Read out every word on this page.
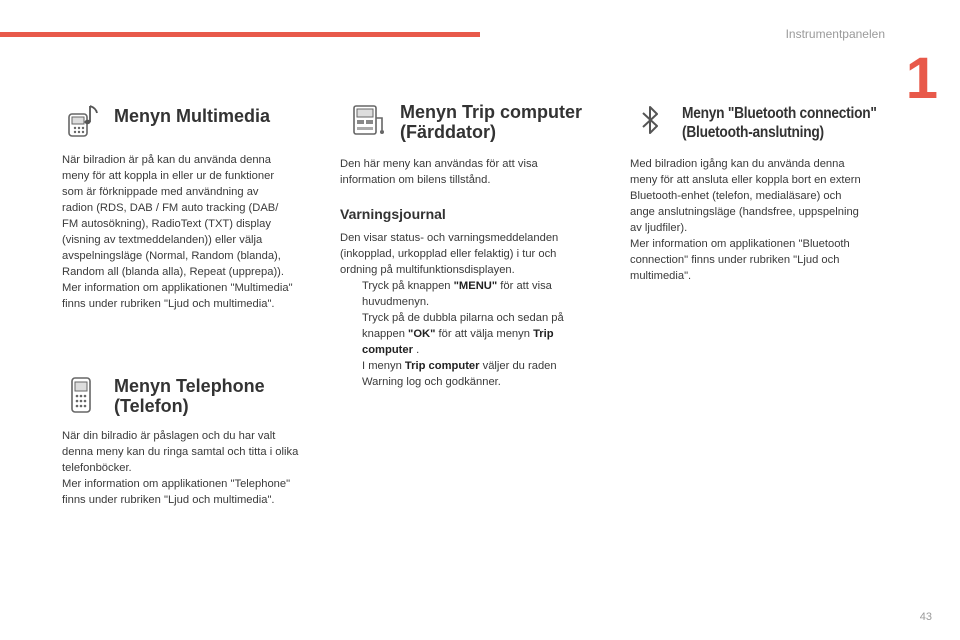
Instrumentpanelen
1
43
Menyn Multimedia
När bilradion är på kan du använda denna
meny för att koppla in eller ur de funktioner
som är förknippade med användning av
radion (RDS, DAB / FM auto tracking (DAB/
FM autosökning), RadioText (TXT) display
(visning av textmeddelanden)) eller välja
avspelningsläge (Normal, Random (blanda),
Random all (blanda alla), Repeat (upprepa)).
Mer information om applikationen "Multimedia"
finns under rubriken "Ljud och multimedia".
Menyn Telephone
(Telefon)
När din bilradio är påslagen och du har valt
denna meny kan du ringa samtal och titta i olika
telefonböcker.
Mer information om applikationen "Telephone"
finns under rubriken "Ljud och multimedia".
Menyn Trip computer
(Färddator)
Den här meny kan användas för att visa
information om bilens tillstånd.
Varningsjournal
Den visar status- och varningsmeddelanden
(inkopplad, urkopplad eller felaktig) i tur och
ordning på multifunktionsdisplayen.
Tryck på knappen "MENU" för att visa
huvudmenyn.
Tryck på de dubbla pilarna och sedan på
knappen "OK" för att välja menyn Trip
computer .
I menyn Trip computer väljer du raden
Warning log och godkänner.
Menyn "Bluetooth connection"
(Bluetooth-anslutning)
Med bilradion igång kan du använda denna
meny för att ansluta eller koppla bort en extern
Bluetooth-enhet (telefon, medialäsare) och
ange anslutningsläge (handsfree, uppspelning
av ljudfiler).
Mer information om applikationen "Bluetooth
connection" finns under rubriken "Ljud och
multimedia".
